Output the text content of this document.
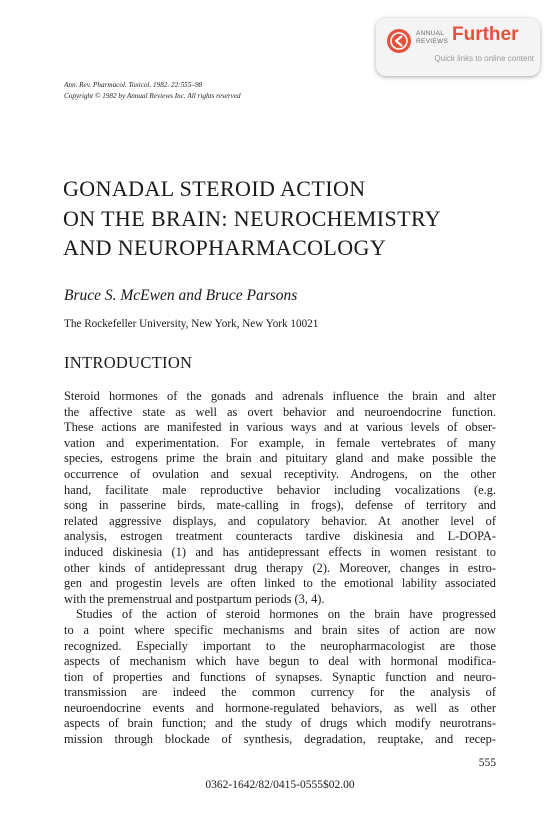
ANNUAL REVIEWS Further
Quick links to online content
Ann. Rev. Pharmacol. Toxicol. 1982. 22:555–98
Copyright © 1982 by Annual Reviews Inc. All rights reserved
GONADAL STEROID ACTION
ON THE BRAIN: NEUROCHEMISTRY
AND NEUROPHARMACOLOGY
Bruce S. McEwen and Bruce Parsons
The Rockefeller University, New York, New York 10021
INTRODUCTION
Steroid hormones of the gonads and adrenals influence the brain and alter
the affective state as well as overt behavior and neuroendocrine function.
These actions are manifested in various ways and at various levels of obser-
vation and experimentation. For example, in female vertebrates of many
species, estrogens prime the brain and pituitary gland and make possible the
occurrence of ovulation and sexual receptivity. Androgens, on the other
hand, facilitate male reproductive behavior including vocalizations (e.g.
song in passerine birds, mate-calling in frogs), defense of territory and
related aggressive displays, and copulatory behavior. At another level of
analysis, estrogen treatment counteracts tardive diskinesia and L-DOPA-
induced diskinesia (1) and has antidepressant effects in women resistant to
other kinds of antidepressant drug therapy (2). Moreover, changes in estro-
gen and progestin levels are often linked to the emotional lability associated
with the premenstrual and postpartum periods (3, 4).
Studies of the action of steroid hormones on the brain have progressed
to a point where specific mechanisms and brain sites of action are now
recognized. Especially important to the neuropharmacologist are those
aspects of mechanism which have begun to deal with hormonal modifica-
tion of properties and functions of synapses. Synaptic function and neuro-
transmission are indeed the common currency for the analysis of
neuroendocrine events and hormone-regulated behaviors, as well as other
aspects of brain function; and the study of drugs which modify neurotrans-
mission through blockade of synthesis, degradation, reuptake, and recep-
555
0362-1642/82/0415-0555$02.00
